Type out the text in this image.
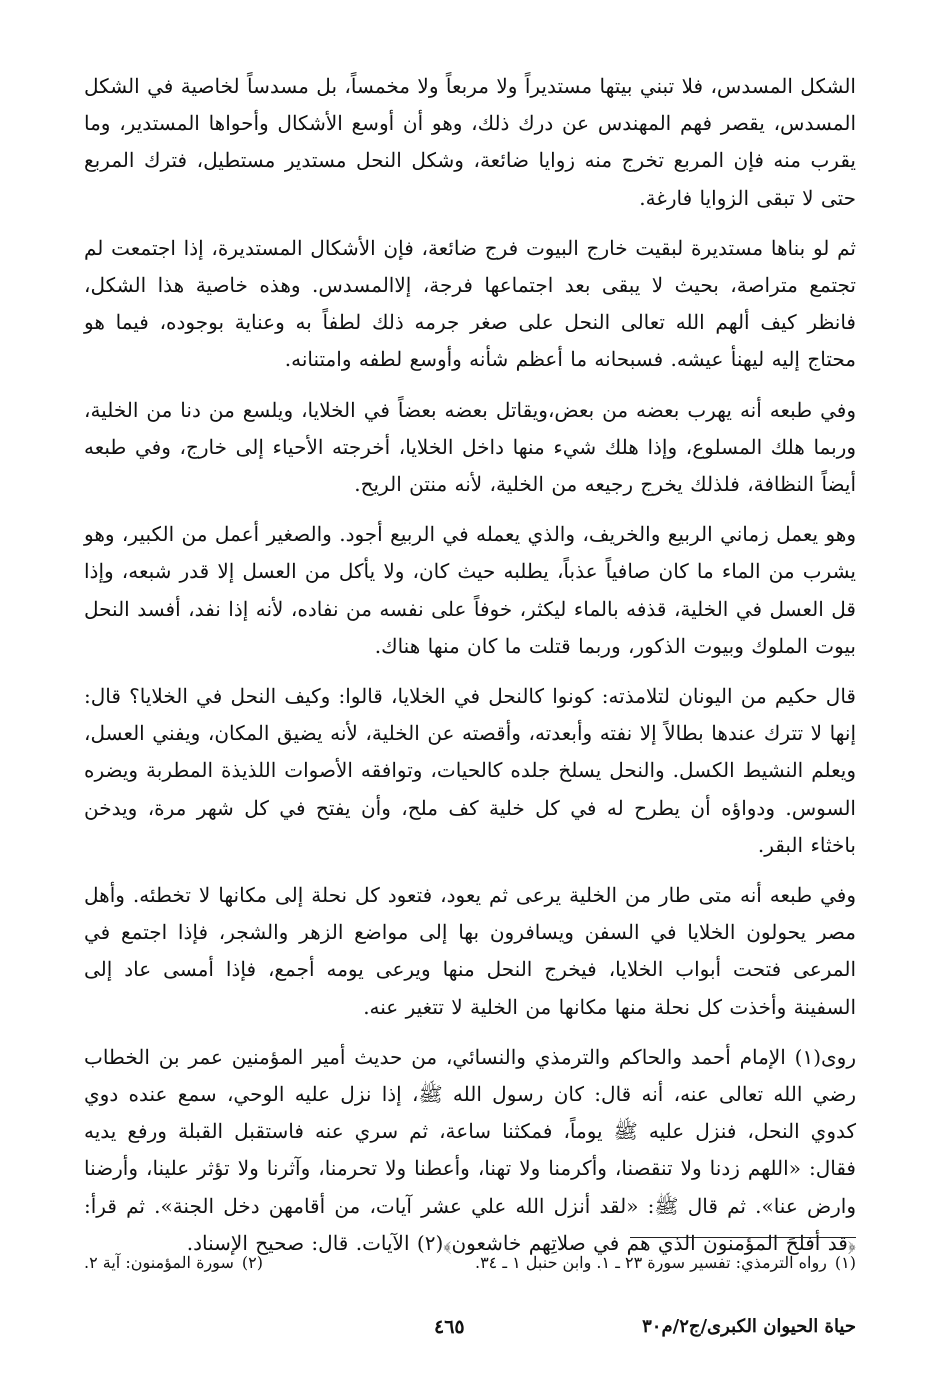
الشكل المسدس، فلا تبني بيتها مستديراً ولا مربعاً ولا مخمساً، بل مسدساً لخاصية في الشكل المسدس، يقصر فهم المهندس عن درك ذلك، وهو أن أوسع الأشكال وأحواها المستدير، وما يقرب منه فإن المربع تخرج منه زوايا ضائعة، وشكل النحل مستدير مستطيل، فترك المربع حتى لا تبقى الزوايا فارغة.

ثم لو بناها مستديرة لبقيت خارج البيوت فرج ضائعة، فإن الأشكال المستديرة، إذا اجتمعت لم تجتمع متراصة، بحيث لا يبقى بعد اجتماعها فرجة، إلاالمسدس. وهذه خاصية هذا الشكل، فانظر كيف ألهم الله تعالى النحل على صغر جرمه ذلك لطفاً به وعناية بوجوده، فيما هو محتاج إليه ليهنأ عيشه. فسبحانه ما أعظم شأنه وأوسع لطفه وامتنانه.

وفي طبعه أنه يهرب بعضه من بعض،ويقاتل بعضه بعضاً في الخلايا، ويلسع من دنا من الخلية، وربما هلك المسلوع، وإذا هلك شيء منها داخل الخلايا، أخرجته الأحياء إلى خارج، وفي طبعه أيضاً النظافة، فلذلك يخرج رجيعه من الخلية، لأنه منتن الريح.

وهو يعمل زماني الربيع والخريف، والذي يعمله في الربيع أجود. والصغير أعمل من الكبير، وهو يشرب من الماء ما كان صافياً عذباً، يطلبه حيث كان، ولا يأكل من العسل إلا قدر شبعه، وإذا قل العسل في الخلية، قذفه بالماء ليكثر، خوفاً على نفسه من نفاده، لأنه إذا نفد، أفسد النحل بيوت الملوك وبيوت الذكور، وربما قتلت ما كان منها هناك.

قال حكيم من اليونان لتلامذته: كونوا كالنحل في الخلايا، قالوا: وكيف النحل في الخلايا؟ قال: إنها لا تترك عندها بطالاً إلا نفته وأبعدته، وأقصته عن الخلية، لأنه يضيق المكان، ويفني العسل، ويعلم النشيط الكسل. والنحل يسلخ جلده كالحيات، وتوافقه الأصوات اللذيذة المطربة ويضره السوس. ودواؤه أن يطرح له في كل خلية كف ملح، وأن يفتح في كل شهر مرة، ويدخن باخثاء البقر.

وفي طبعه أنه متى طار من الخلية يرعى ثم يعود، فتعود كل نحلة إلى مكانها لا تخطئه. وأهل مصر يحولون الخلايا في السفن ويسافرون بها إلى مواضع الزهر والشجر، فإذا اجتمع في المرعى فتحت أبواب الخلايا، فيخرج النحل منها ويرعى يومه أجمع، فإذا أمسى عاد إلى السفينة وأخذت كل نحلة منها مكانها من الخلية لا تتغير عنه.

روى(١) الإمام أحمد والحاكم والترمذي والنسائي، من حديث أمير المؤمنين عمر بن الخطاب رضي الله تعالى عنه، أنه قال: كان رسول الله ﷺ، إذا نزل عليه الوحي، سمع عنده دوي كدوي النحل، فنزل عليه ﷺ يوماً، فمكثنا ساعة، ثم سري عنه فاستقبل القبلة ورفع يديه فقال: «اللهم زدنا ولا تنقصنا، وأكرمنا ولا تهنا، وأعطنا ولا تحرمنا، وآثرنا ولا تؤثر علينا، وأرضنا وارض عنا». ثم قال ﷺ: «لقد أنزل الله علي عشر آيات، من أقامهن دخل الجنة». ثم قرأ: ﴿قد أفلحَ المؤمنون الذي هم في صلاتِهم خاشعون﴾(٢) الآيات. قال: صحيح الإسناد.

(١)رواه الترمذي: تفسير سورة ٢٣ ـ ١. وابن حنبل ١ ـ ٣٤.
(٢)سورة المؤمنون: آية ٢.
حياة الحيوان الكبرى/ج٢/م٣٠
٤٦٥
